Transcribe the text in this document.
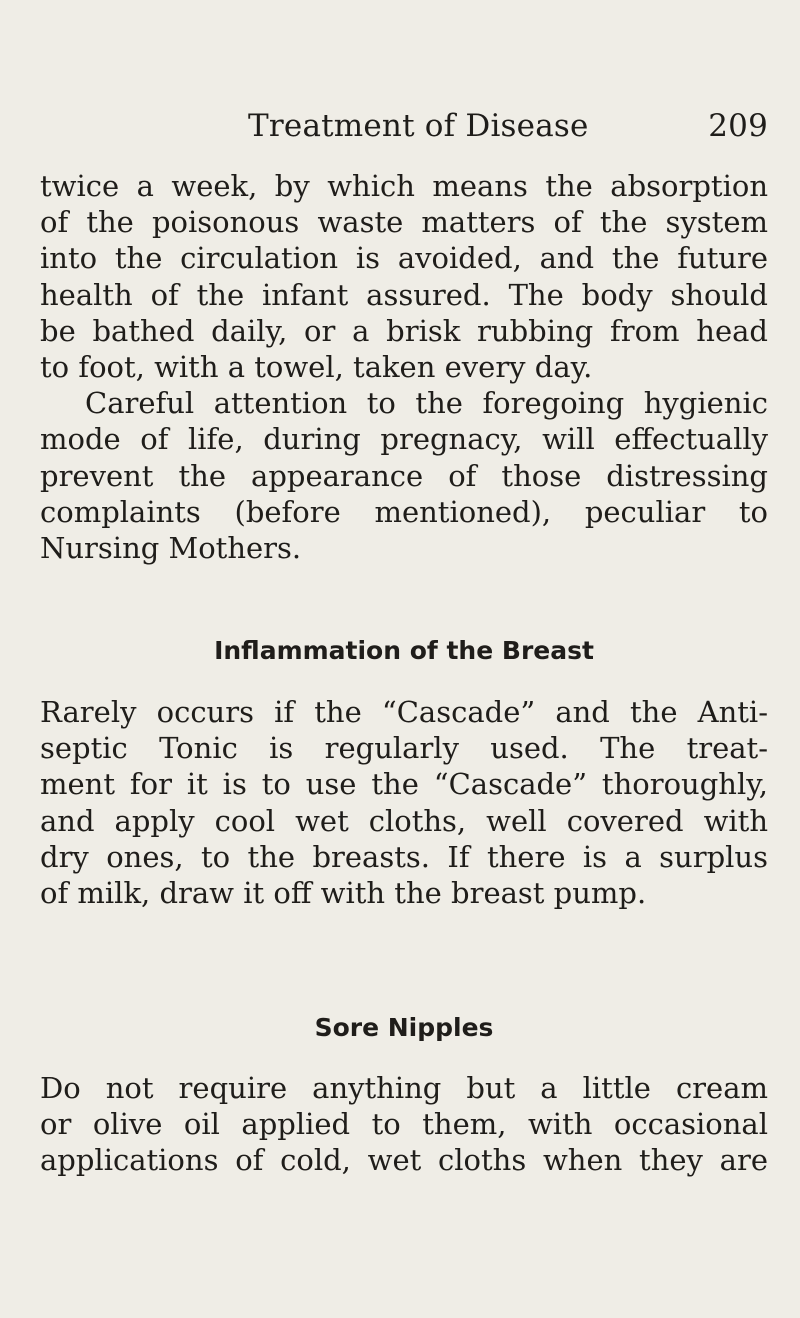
Treatment of Disease	209
twice a week, by which means the absorption
of the poisonous waste matters of the system
into the circulation is avoided, and the future
health of the infant assured. The body should
be bathed daily, or a brisk rubbing from head
to foot, with a towel, taken every day.
Careful attention to the foregoing hygienic
mode of life, during pregnacy, will effectually
prevent the appearance of those distressing
complaints (before mentioned), peculiar to
Nursing Mothers.
Inflammation of the Breast
Rarely occurs if the “Cascade” and the Anti-
septic Tonic is regularly used. The treat-
ment for it is to use the “Cascade” thoroughly,
and apply cool wet cloths, well covered with
dry ones, to the breasts. If there is a surplus
of milk, draw it off with the breast pump.
Sore Nipples
Do not require anything but a little cream
or olive oil applied to them, with occasional
applications of cold, wet cloths when they are
